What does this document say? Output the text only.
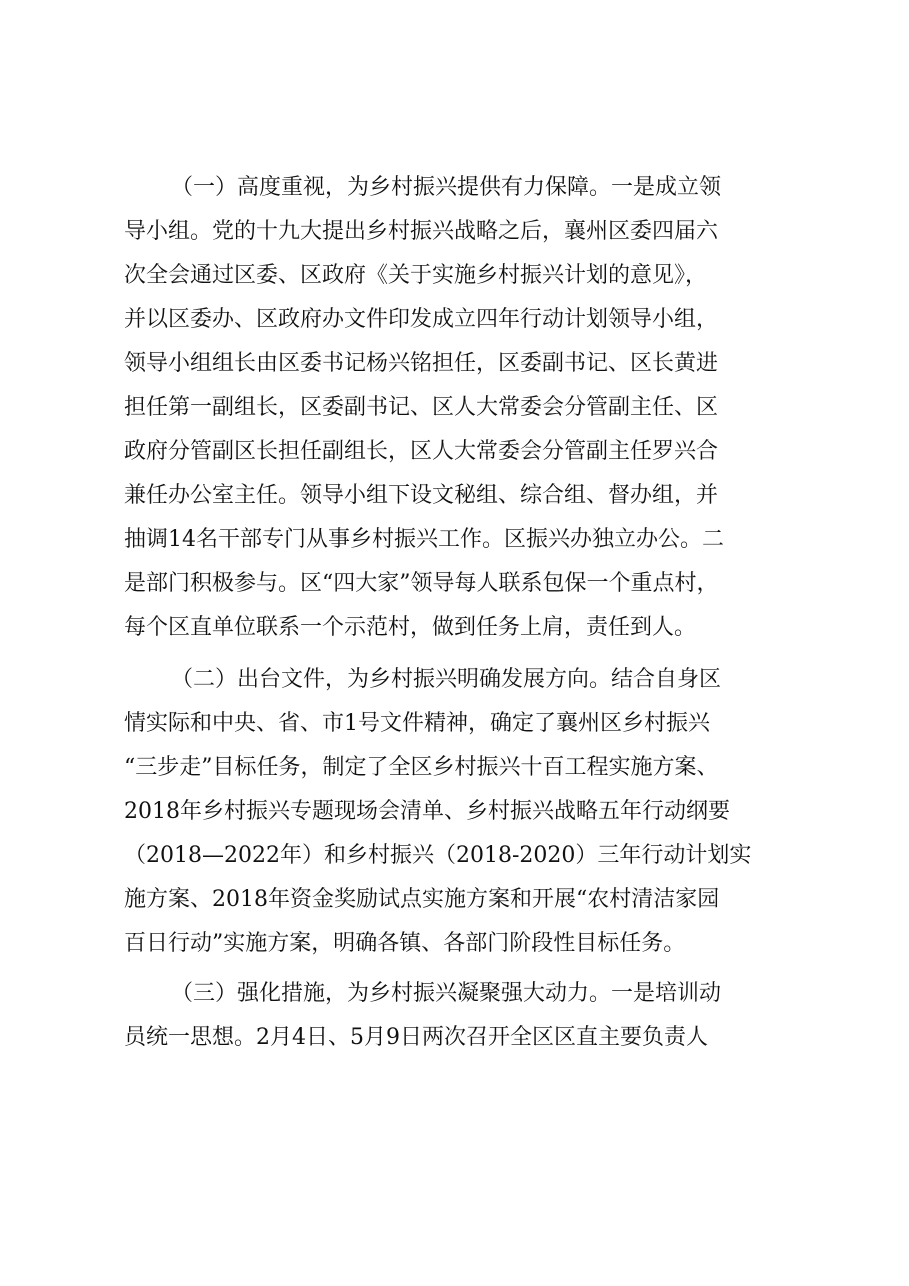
（一）高度重视，为乡村振兴提供有力保障。一是成立领
导小组。党的十九大提出乡村振兴战略之后，襄州区委四届六
次全会通过区委、区政府《关于实施乡村振兴计划的意见》，
并以区委办、区政府办文件印发成立四年行动计划领导小组，
领导小组组长由区委书记杨兴铭担任，区委副书记、区长黄进
担任第一副组长，区委副书记、区人大常委会分管副主任、区
政府分管副区长担任副组长，区人大常委会分管副主任罗兴合
兼任办公室主任。领导小组下设文秘组、综合组、督办组，并
抽调14名干部专门从事乡村振兴工作。区振兴办独立办公。二
是部门积极参与。区“四大家”领导每人联系包保一个重点村，
每个区直单位联系一个示范村，做到任务上肩，责任到人。
（二）出台文件，为乡村振兴明确发展方向。结合自身区
情实际和中央、省、市1号文件精神，确定了襄州区乡村振兴
“三步走”目标任务，制定了全区乡村振兴十百工程实施方案、
2018年乡村振兴专题现场会清单、乡村振兴战略五年行动纲要
（2018—2022年）和乡村振兴（2018-2020）三年行动计划实
施方案、2018年资金奖励试点实施方案和开展“农村清洁家园
百日行动”实施方案，明确各镇、各部门阶段性目标任务。
（三）强化措施，为乡村振兴凝聚强大动力。一是培训动
员统一思想。2月4日、5月9日两次召开全区区直主要负责人
